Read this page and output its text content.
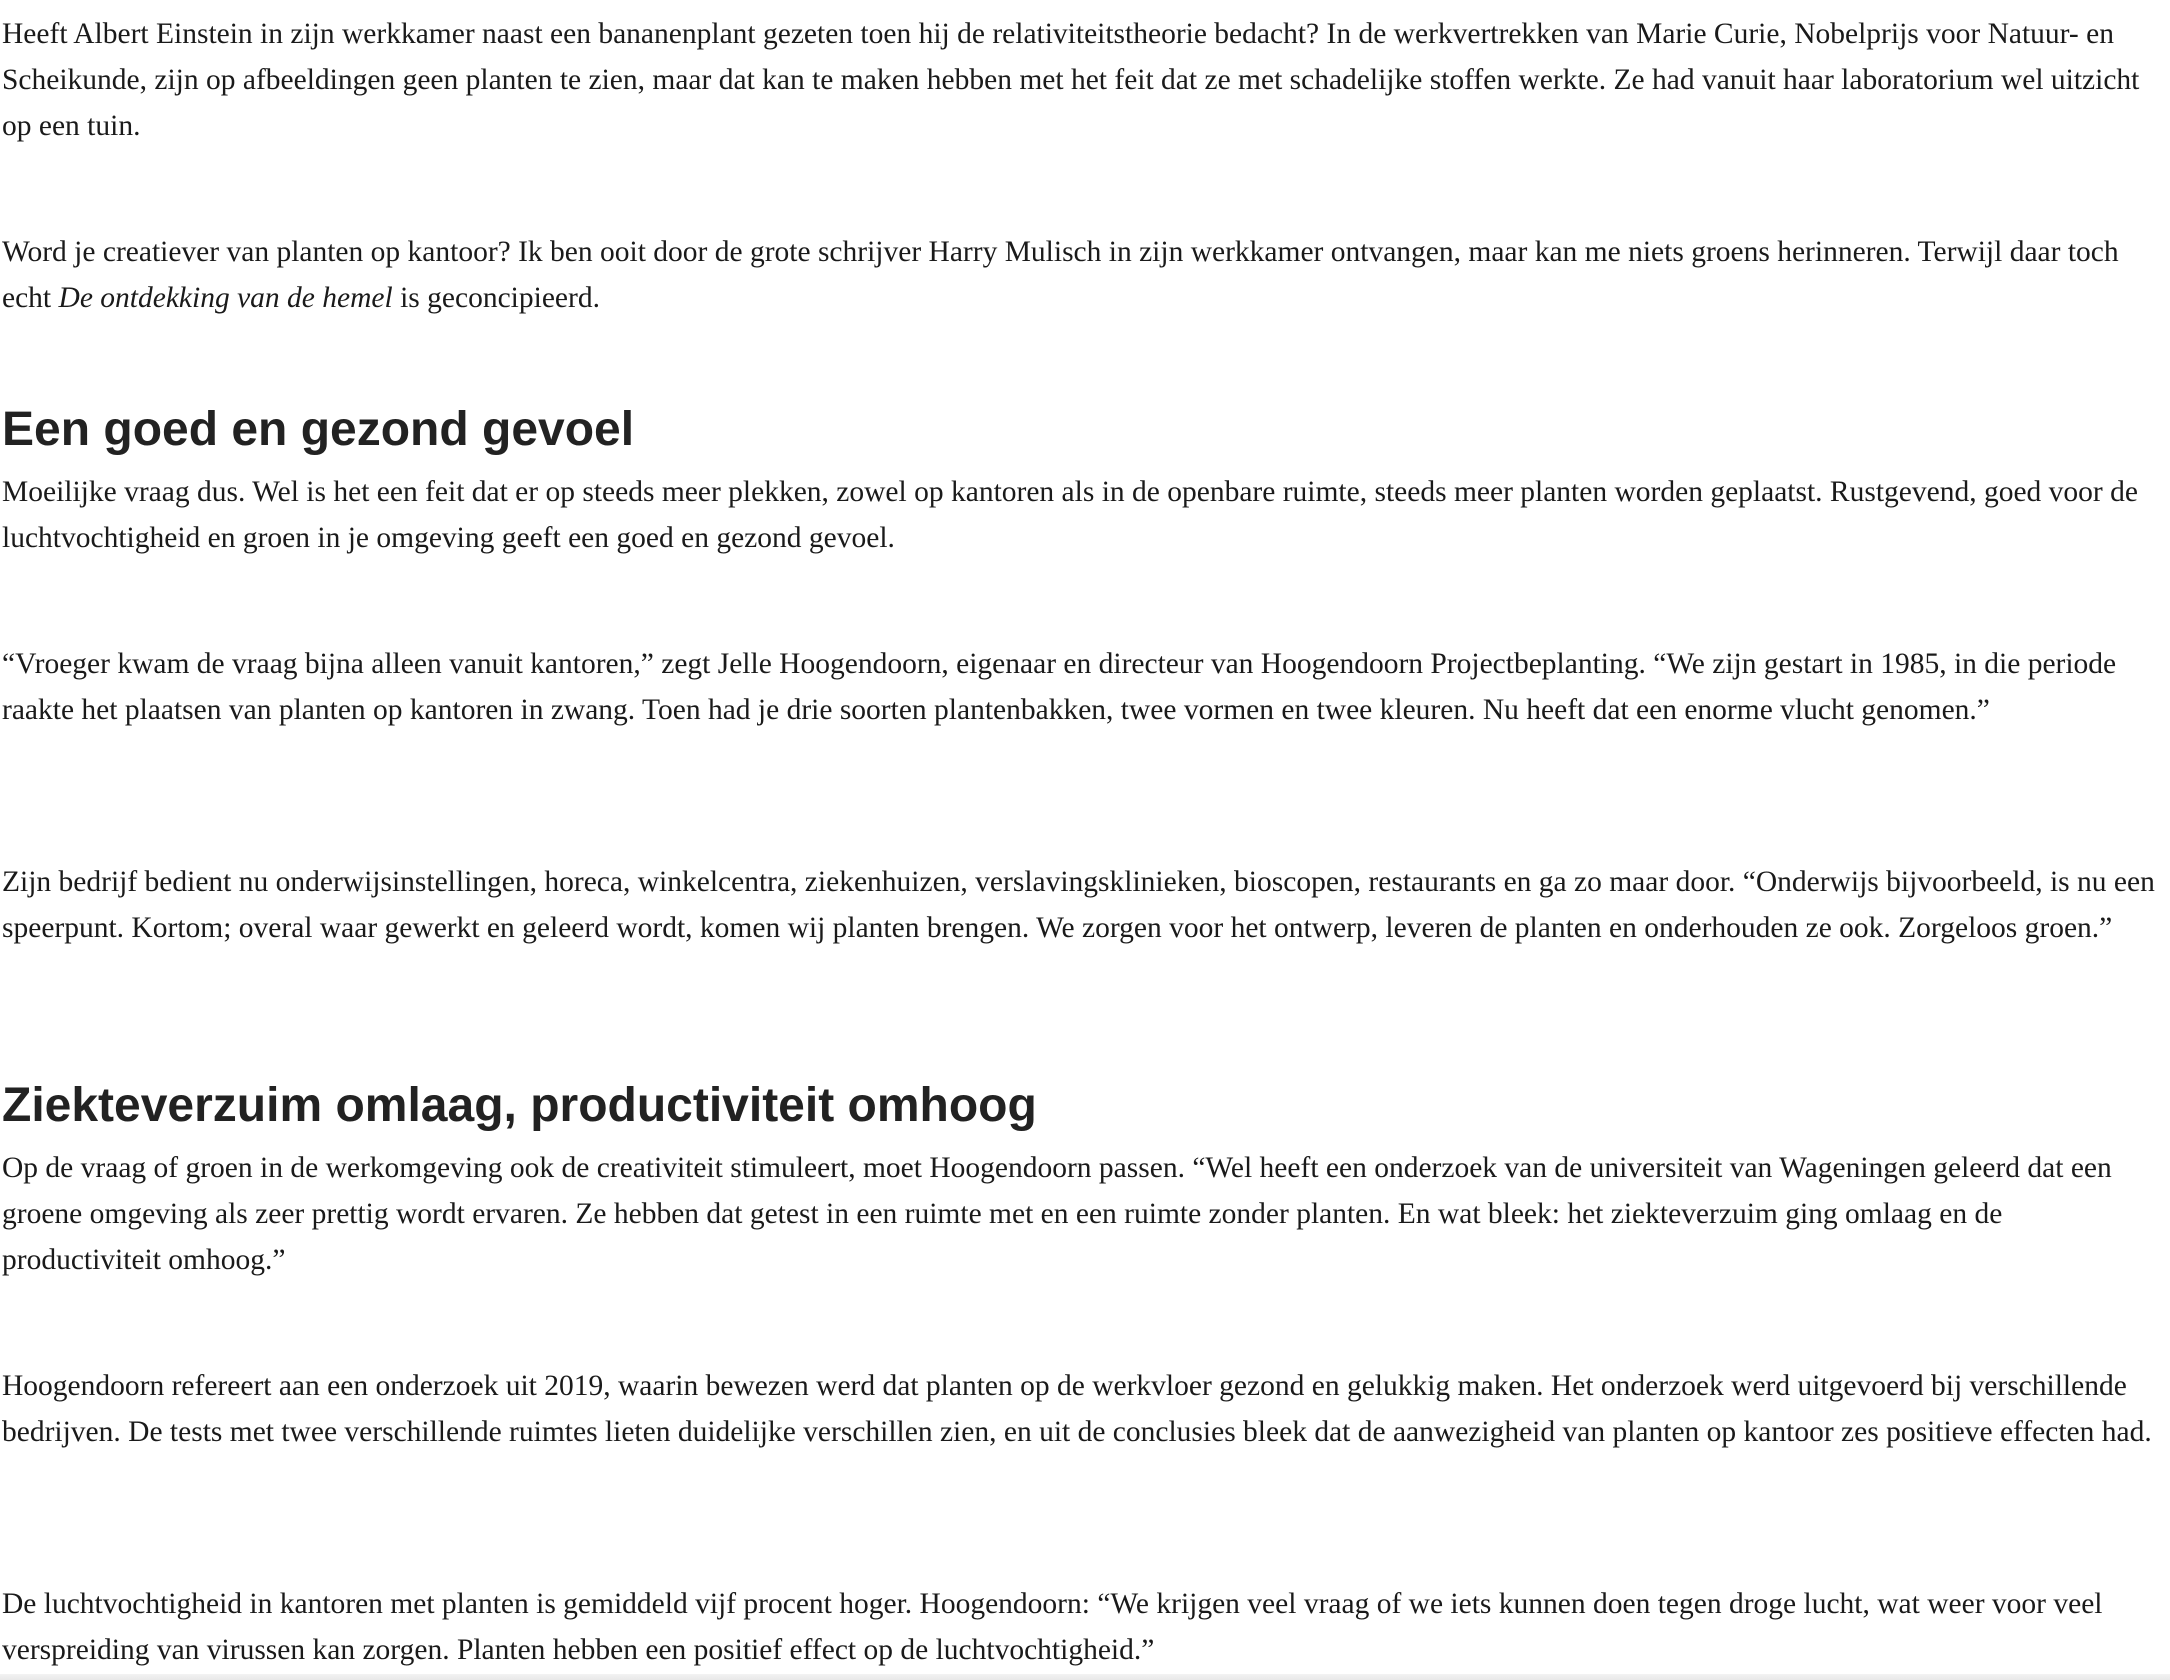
Heeft Albert Einstein in zijn werkkamer naast een bananenplant gezeten toen hij de relativiteitstheorie bedacht? In de werkvertrekken van Marie Curie, Nobelprijs voor Natuur- en Scheikunde, zijn op afbeeldingen geen planten te zien, maar dat kan te maken hebben met het feit dat ze met schadelijke stoffen werkte. Ze had vanuit haar laboratorium wel uitzicht op een tuin.

Word je creatiever van planten op kantoor? Ik ben ooit door de grote schrijver Harry Mulisch in zijn werkkamer ontvangen, maar kan me niets groens herinneren. Terwijl daar toch echt De ontdekking van de hemel is geconcipieerd.

Een goed en gezond gevoel

Moeilijke vraag dus. Wel is het een feit dat er op steeds meer plekken, zowel op kantoren als in de openbare ruimte, steeds meer planten worden geplaatst. Rustgevend, goed voor de luchtvochtigheid en groen in je omgeving geeft een goed en gezond gevoel.

“Vroeger kwam de vraag bijna alleen vanuit kantoren,” zegt Jelle Hoogendoorn, eigenaar en directeur van Hoogendoorn Projectbeplanting. “We zijn gestart in 1985, in die periode raakte het plaatsen van planten op kantoren in zwang. Toen had je drie soorten plantenbakken, twee vormen en twee kleuren. Nu heeft dat een enorme vlucht genomen.”

Zijn bedrijf bedient nu onderwijsinstellingen, horeca, winkelcentra, ziekenhuizen, verslavingsklinieken, bioscopen, restaurants en ga zo maar door. “Onderwijs bijvoorbeeld, is nu een speerpunt. Kortom; overal waar gewerkt en geleerd wordt, komen wij planten brengen. We zorgen voor het ontwerp, leveren de planten en onderhouden ze ook. Zorgeloos groen.”

Ziekteverzuim omlaag, productiviteit omhoog

Op de vraag of groen in de werkomgeving ook de creativiteit stimuleert, moet Hoogendoorn passen. “Wel heeft een onderzoek van de universiteit van Wageningen geleerd dat een groene omgeving als zeer prettig wordt ervaren. Ze hebben dat getest in een ruimte met en een ruimte zonder planten. En wat bleek: het ziekteverzuim ging omlaag en de productiviteit omhoog.”

Hoogendoorn refereert aan een onderzoek uit 2019, waarin bewezen werd dat planten op de werkvloer gezond en gelukkig maken. Het onderzoek werd uitgevoerd bij verschillende bedrijven. De tests met twee verschillende ruimtes lieten duidelijke verschillen zien, en uit de conclusies bleek dat de aanwezigheid van planten op kantoor zes positieve effecten had.

De luchtvochtigheid in kantoren met planten is gemiddeld vijf procent hoger. Hoogendoorn: “We krijgen veel vraag of we iets kunnen doen tegen droge lucht, wat weer voor veel verspreiding van virussen kan zorgen. Planten hebben een positief effect op de luchtvochtigheid.”
